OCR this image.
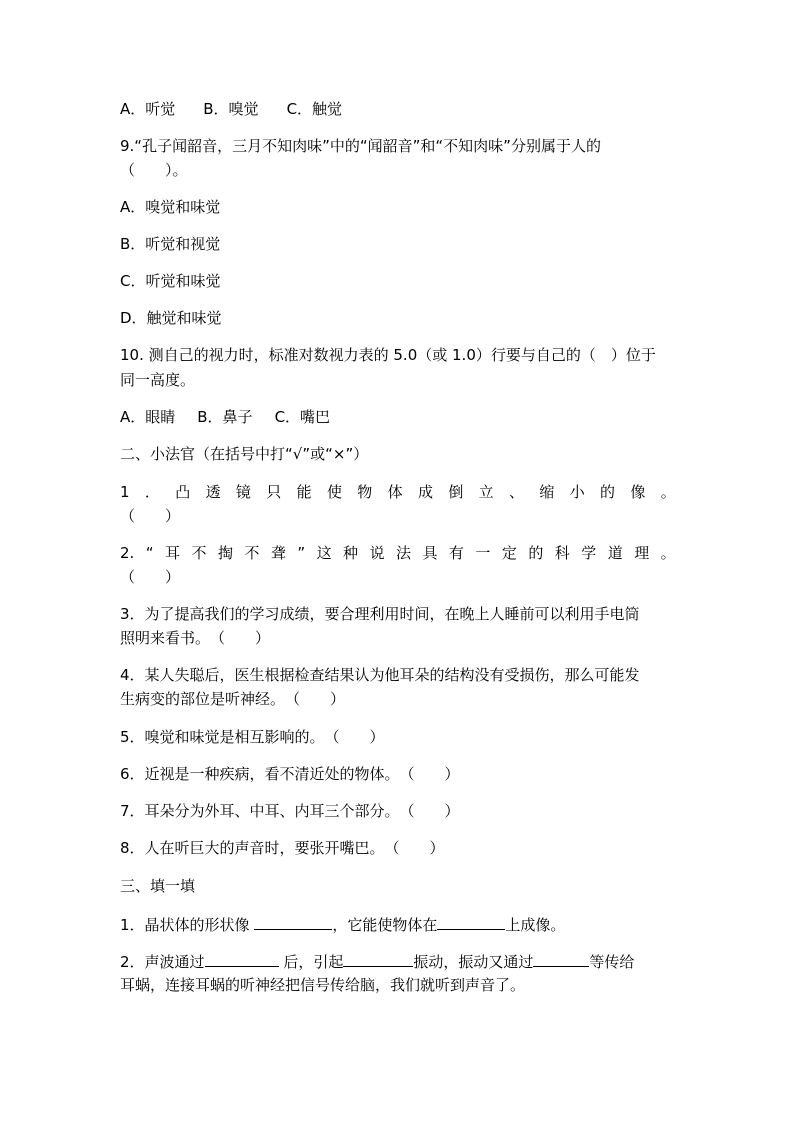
A．听觉 B．嗅觉 C．触觉
9.“孔子闻韶音，三月不知肉味”中的“闻韶音”和“不知肉味”分别属于人的
（　　）。
A．嗅觉和味觉
B．听觉和视觉
C．听觉和味觉
D．触觉和味觉
10. 测自己的视力时，标准对数视力表的 5.0（或 1.0）行要与自己的（　）位于
同一高度。
A．眼睛 B．鼻子 C．嘴巴
二、小法官（在括号中打“√”或“×”）
1 ． 凸 透 镜 只 能 使 物 体 成 倒 立 、 缩 小 的 像 。
（　　）
2. “ 耳 不 掏 不 聋 ” 这 种 说 法 具 有 一 定 的 科 学 道 理 。
（　　）
3．为了提高我们的学习成绩，要合理利用时间，在晚上人睡前可以利用手电筒
照明来看书。　（　　）
4．某人失聪后，医生根据检查结果认为他耳朵的结构没有受损伤，那么可能发
生病变的部位是听神经。　（　　）
5．嗅觉和味觉是相互影响的。　（　　）
6．近视是一种疾病，看不清近处的物体。　（　　）
7．耳朵分为外耳、中耳、内耳三个部分。　（　　）
8．人在听巨大的声音时，要张开嘴巴。　（　　）
三、填一填
1．晶状体的形状像	，它能使物体在	上成像。
2．声波通过	后，引起	振动，振动又通过	等传给
耳蜗，连接耳蜗的听神经把信号传给脑，我们就听到声音了。
